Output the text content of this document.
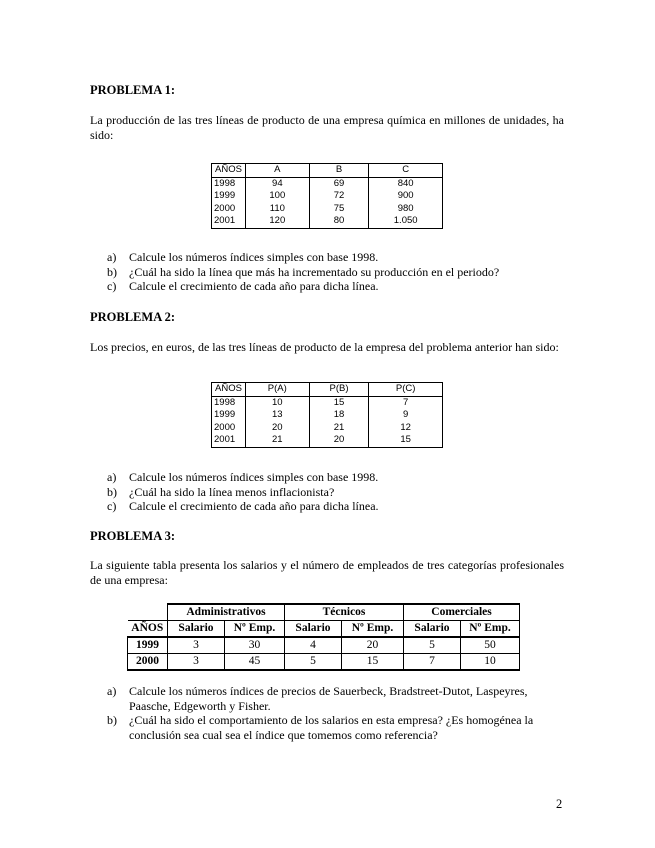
PROBLEMA 1:
La producción de las tres líneas de producto de una empresa química en millones de unidades, ha sido:
AÑOS	A	B	C
1998	94	69	840
1999	100	72	900
2000	110	75	980
2001	120	80	1.050
a) Calcule los números índices simples con base 1998.
b) ¿Cuál ha sido la línea que más ha incrementado su producción en el periodo?
c) Calcule el crecimiento de cada año para dicha línea.
PROBLEMA 2:
Los precios, en euros, de las tres líneas de producto de la empresa del problema anterior han sido:
AÑOS	P(A)	P(B)	P(C)
1998	10	15	7
1999	13	18	9
2000	20	21	12
2001	21	20	15
a) Calcule los números índices simples con base 1998.
b) ¿Cuál ha sido la línea menos inflacionista?
c) Calcule el crecimiento de cada año para dicha línea.
PROBLEMA 3:
La siguiente tabla presenta los salarios y el número de empleados de tres categorías profesionales de una empresa:
	Administrativos		Técnicos		Comerciales	
AÑOS	Salario	Nº Emp.	Salario	Nº Emp.	Salario	Nº Emp.
1999	3	30	4	20	5	50
2000	3	45	5	15	7	10
a) Calcule los números índices de precios de Sauerbeck, Bradstreet-Dutot, Laspeyres, Paasche, Edgeworth y Fisher.
b) ¿Cuál ha sido el comportamiento de los salarios en esta empresa? ¿Es homogénea la conclusión sea cual sea el índice que tomemos como referencia?
2
